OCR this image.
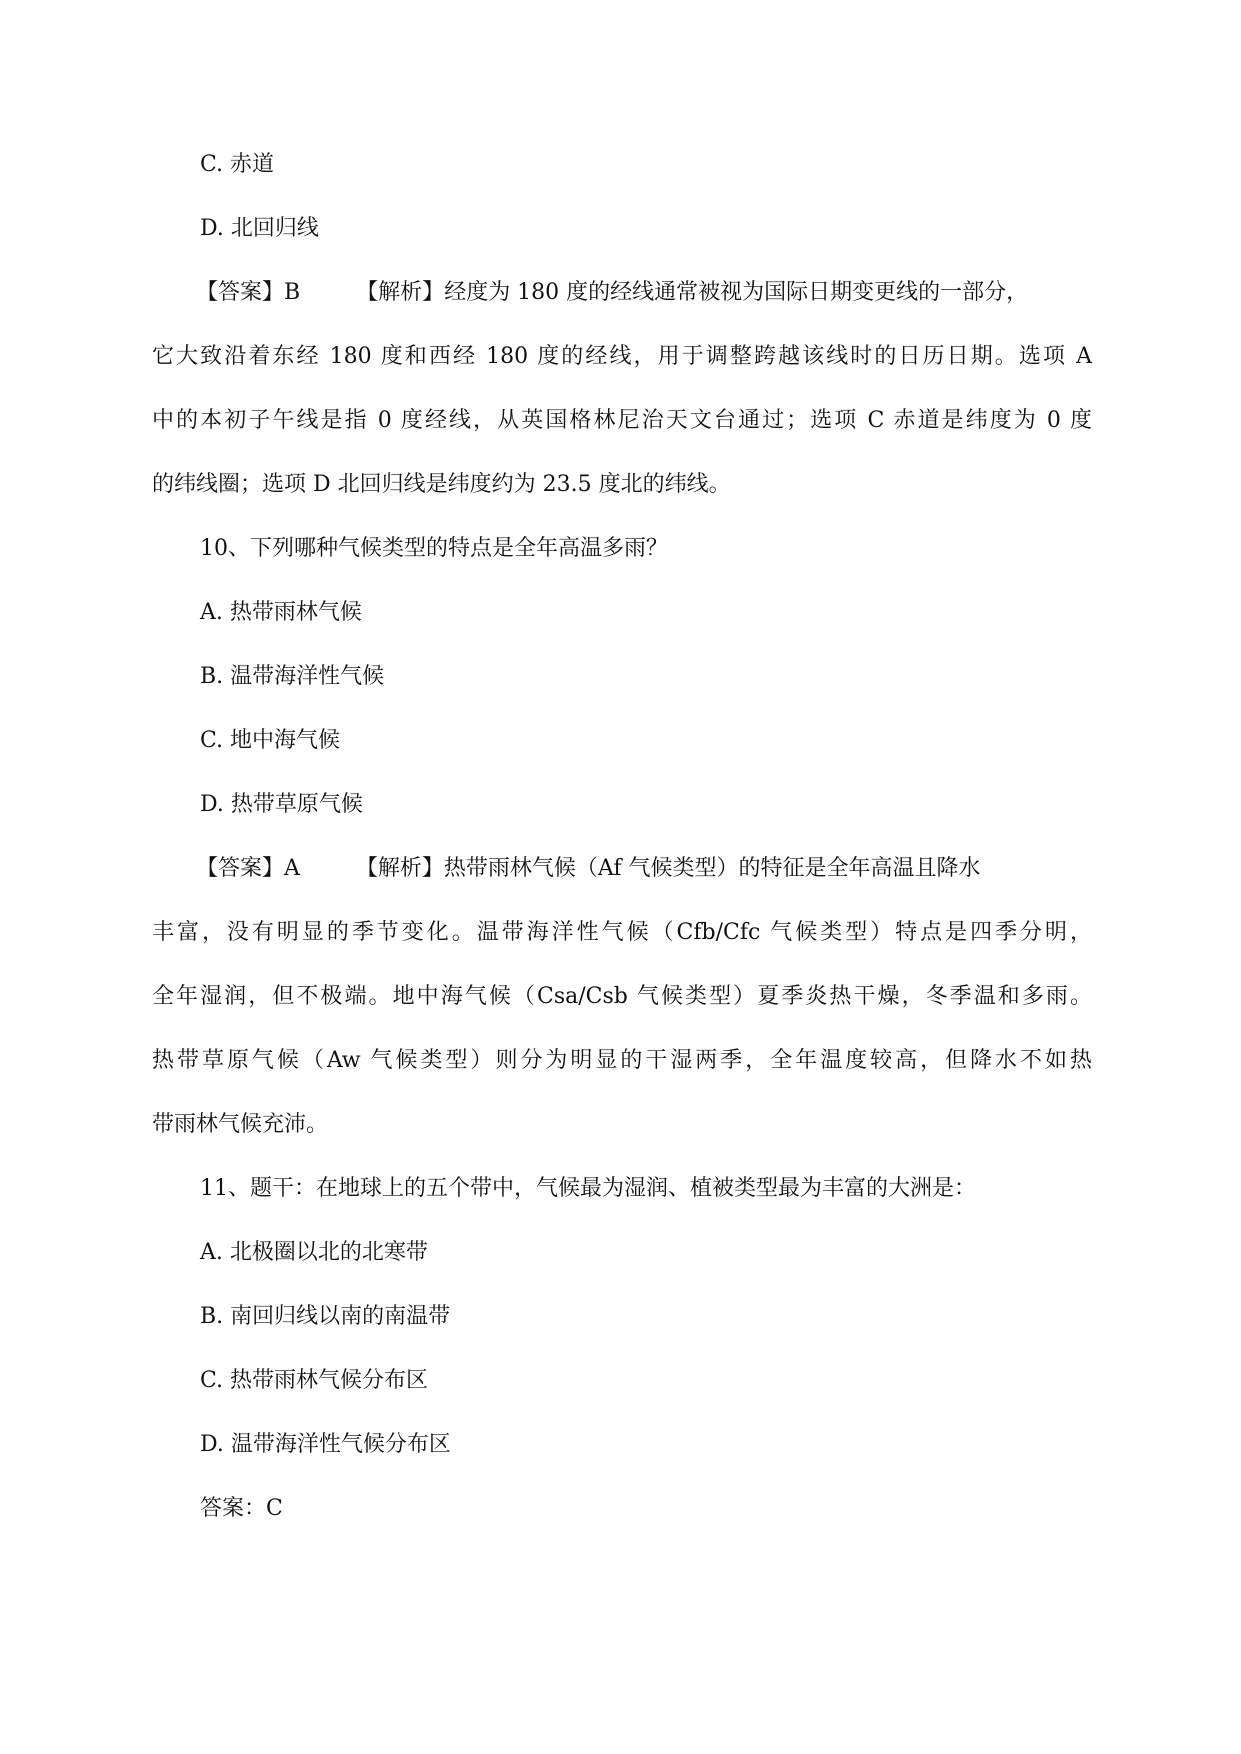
C. 赤道
D. 北回归线
【答案】B	【解析】经度为 180 度的经线通常被视为国际日期变更线的一部分，
它大致沿着东经 180 度和西经 180 度的经线，用于调整跨越该线时的日历日期。选项 A
中的本初子午线是指 0 度经线，从英国格林尼治天文台通过；选项 C 赤道是纬度为 0 度
的纬线圈；选项 D 北回归线是纬度约为 23.5 度北的纬线。
10、下列哪种气候类型的特点是全年高温多雨？
A. 热带雨林气候
B. 温带海洋性气候
C. 地中海气候
D. 热带草原气候
【答案】A	【解析】热带雨林气候（Af 气候类型）的特征是全年高温且降水
丰富，没有明显的季节变化。温带海洋性气候（Cfb/Cfc 气候类型）特点是四季分明，
全年湿润，但不极端。地中海气候（Csa/Csb 气候类型）夏季炎热干燥，冬季温和多雨。
热带草原气候（Aw 气候类型）则分为明显的干湿两季，全年温度较高，但降水不如热
带雨林气候充沛。
11、题干：在地球上的五个带中，气候最为湿润、植被类型最为丰富的大洲是：
A. 北极圈以北的北寒带
B. 南回归线以南的南温带
C. 热带雨林气候分布区
D. 温带海洋性气候分布区
答案：C
